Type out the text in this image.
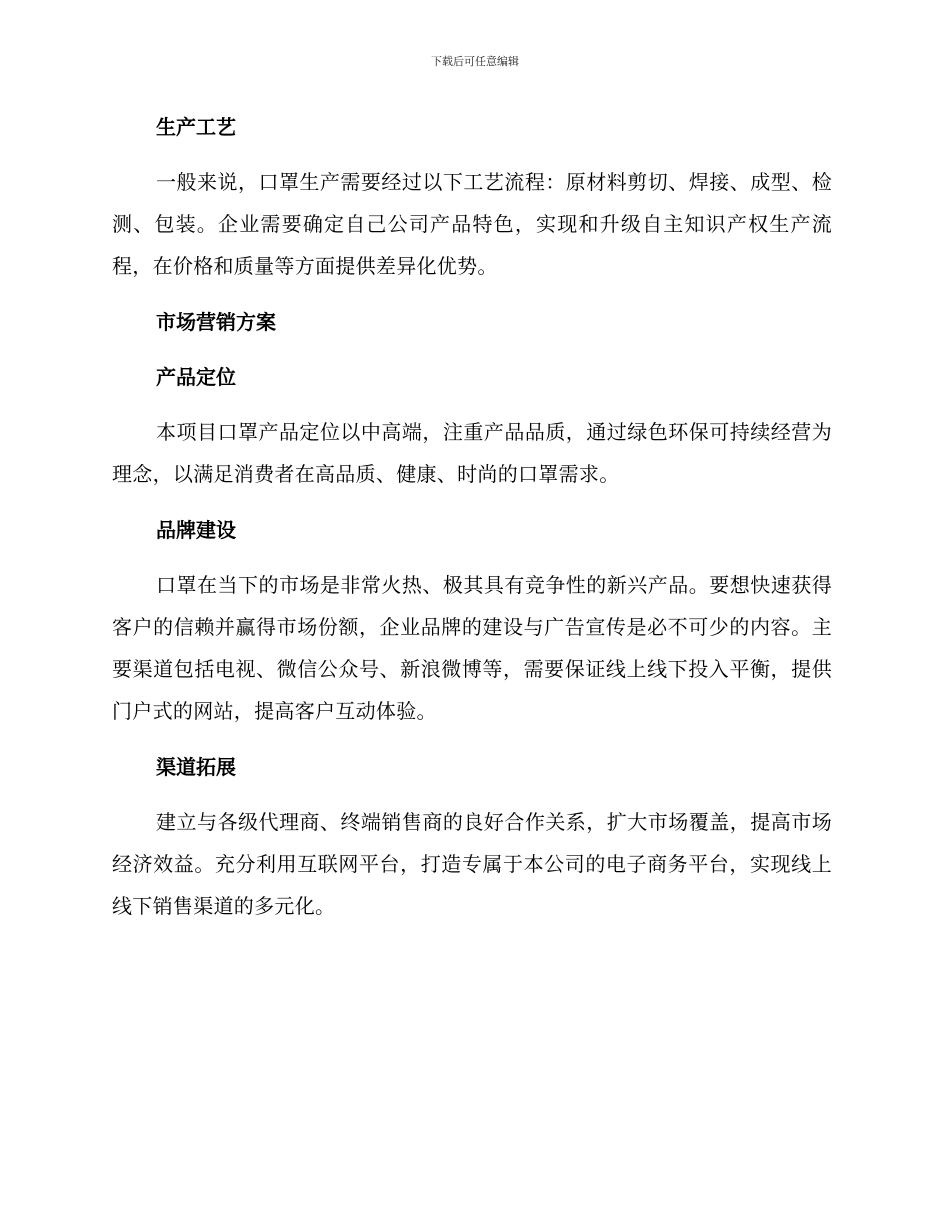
下载后可任意编辑
生产工艺

一般来说，口罩生产需要经过以下工艺流程：原材料剪切、焊接、成型、检测、包装。企业需要确定自己公司产品特色，实现和升级自主知识产权生产流程，在价格和质量等方面提供差异化优势。

市场营销方案
产品定位

本项目口罩产品定位以中高端，注重产品品质，通过绿色环保可持续经营为理念，以满足消费者在高品质、健康、时尚的口罩需求。

品牌建设

口罩在当下的市场是非常火热、极其具有竞争性的新兴产品。要想快速获得客户的信赖并赢得市场份额，企业品牌的建设与广告宣传是必不可少的内容。主要渠道包括电视、微信公众号、新浪微博等，需要保证线上线下投入平衡，提供门户式的网站，提高客户互动体验。

渠道拓展

建立与各级代理商、终端销售商的良好合作关系，扩大市场覆盖，提高市场经济效益。充分利用互联网平台，打造专属于本公司的电子商务平台，实现线上线下销售渠道的多元化。
